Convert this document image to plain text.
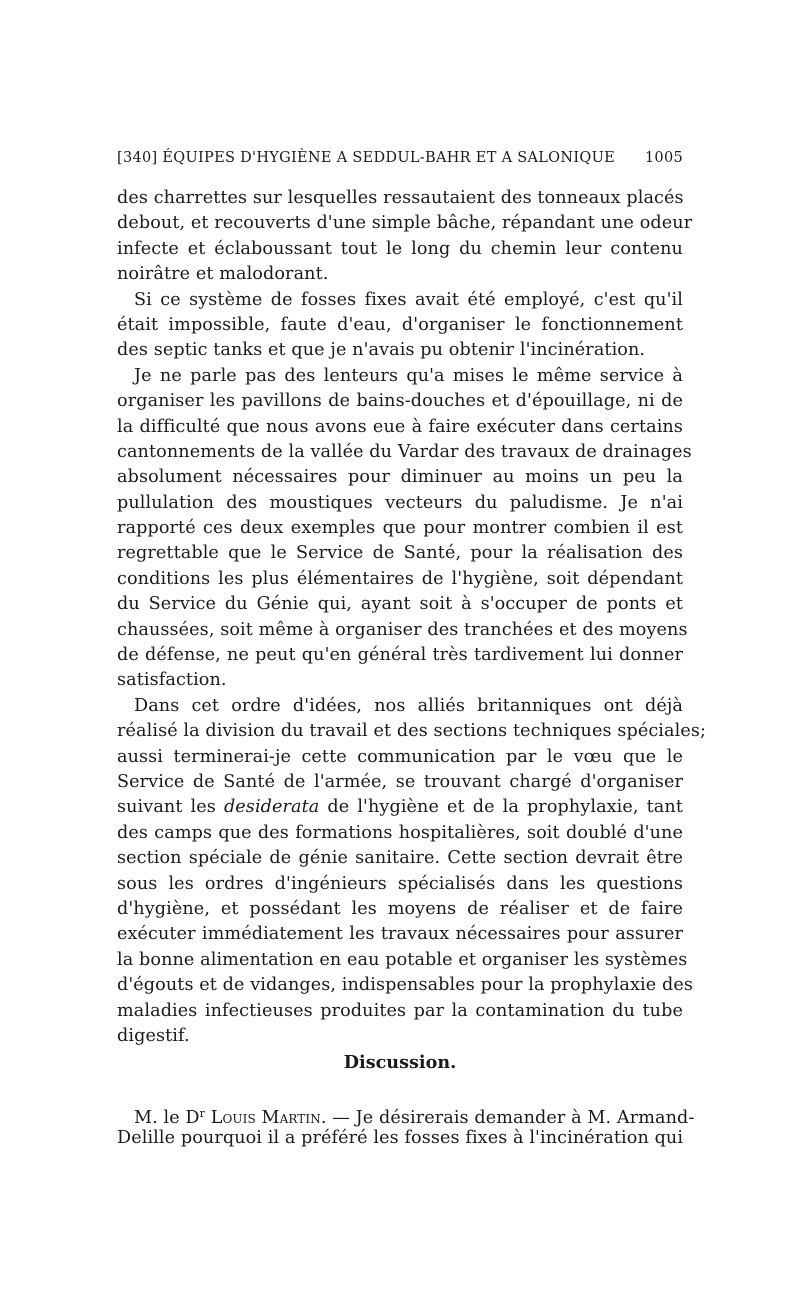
[340] ÉQUIPES D'HYGIÈNE A SEDDUL-BAHR ET A SALONIQUE 1005
des charrettes sur lesquelles ressautaient des tonneaux placés
debout, et recouverts d'une simple bâche, répandant une odeur
infecte et éclaboussant tout le long du chemin leur contenu
noirâtre et malodorant.
Si ce système de fosses fixes avait été employé, c'est qu'il
était impossible, faute d'eau, d'organiser le fonctionnement
des septic tanks et que je n'avais pu obtenir l'incinération.
Je ne parle pas des lenteurs qu'a mises le même service à
organiser les pavillons de bains-douches et d'épouillage, ni de
la difficulté que nous avons eue à faire exécuter dans certains
cantonnements de la vallée du Vardar des travaux de drainages
absolument nécessaires pour diminuer au moins un peu la
pullulation des moustiques vecteurs du paludisme. Je n'ai
rapporté ces deux exemples que pour montrer combien il est
regrettable que le Service de Santé, pour la réalisation des
conditions les plus élémentaires de l'hygiène, soit dépendant
du Service du Génie qui, ayant soit à s'occuper de ponts et
chaussées, soit même à organiser des tranchées et des moyens
de défense, ne peut qu'en général très tardivement lui donner
satisfaction.
Dans cet ordre d'idées, nos alliés britanniques ont déjà
réalisé la division du travail et des sections techniques spéciales;
aussi terminerai-je cette communication par le vœu que le
Service de Santé de l'armée, se trouvant chargé d'organiser
suivant les desiderata de l'hygiène et de la prophylaxie, tant
des camps que des formations hospitalières, soit doublé d'une
section spéciale de génie sanitaire. Cette section devrait être
sous les ordres d'ingénieurs spécialisés dans les questions
d'hygiène, et possédant les moyens de réaliser et de faire
exécuter immédiatement les travaux nécessaires pour assurer
la bonne alimentation en eau potable et organiser les systèmes
d'égouts et de vidanges, indispensables pour la prophylaxie des
maladies infectieuses produites par la contamination du tube
digestif.
Discussion.
M. le $D^r$ Louis Martin. — Je désirerais demander à M. Armand-
Delille pourquoi il a préféré les fosses fixes à l'incinération qui
